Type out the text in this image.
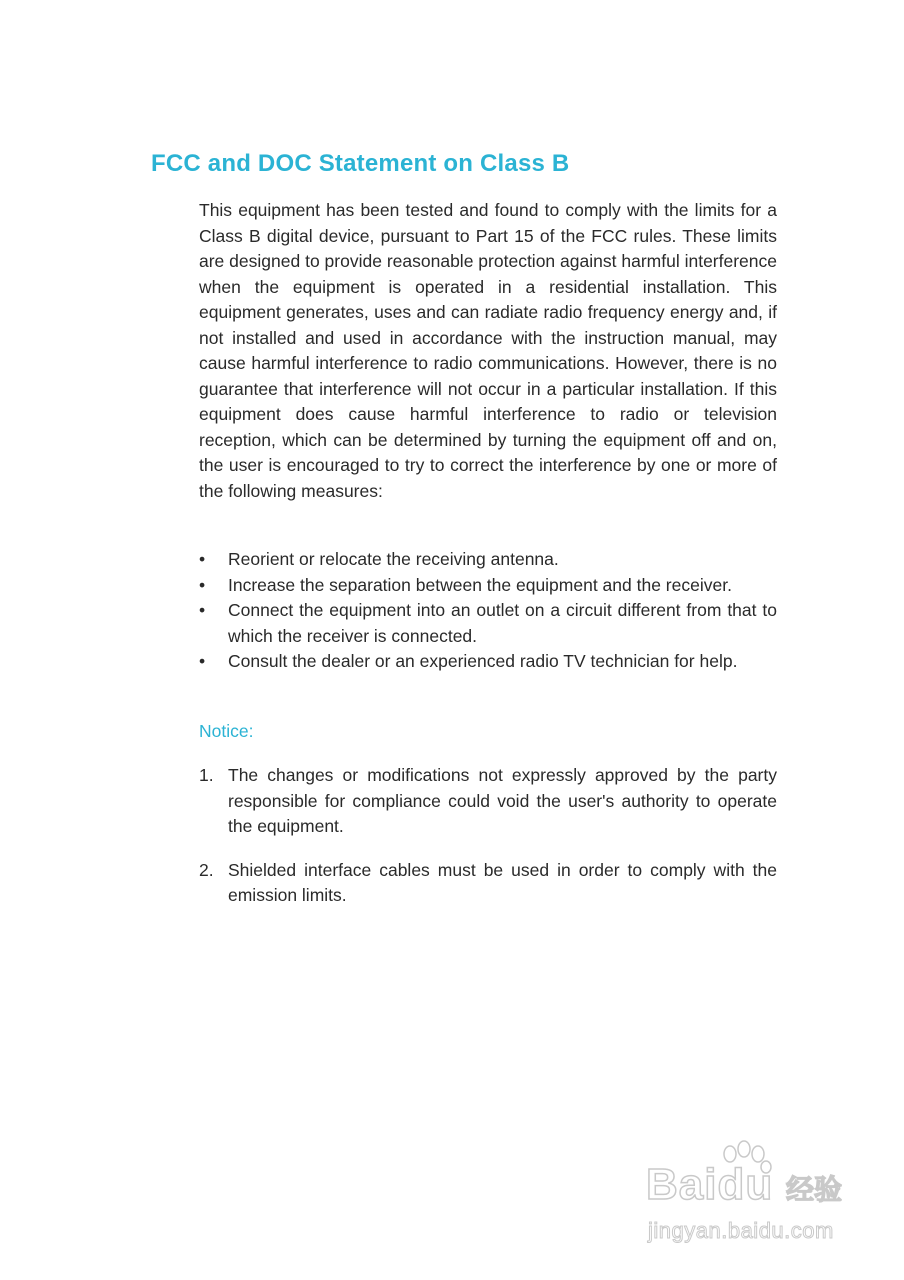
FCC and DOC Statement on Class B

This equipment has been tested and found to comply with the limits for a Class B digital device, pursuant to Part 15 of the FCC rules. These limits are designed to provide reasonable protection against harmful interference when the equipment is operated in a residential installation. This equipment generates, uses and can radiate radio frequency energy and, if not installed and used in accordance with the instruction manual, may cause harmful interference to radio communications. However, there is no guarantee that interference will not occur in a particular installation. If this equipment does cause harmful interference to radio or television reception, which can be determined by turning the equipment off and on, the user is encouraged to try to correct the interference by one or more of the following measures:

• Reorient or relocate the receiving antenna.
• Increase the separation between the equipment and the receiver.
• Connect the equipment into an outlet on a circuit different from that to which the receiver is connected.
• Consult the dealer or an experienced radio TV technician for help.

Notice:

1. The changes or modifications not expressly approved by the party responsible for compliance could void the user's authority to operate the equipment.
2. Shielded interface cables must be used in order to comply with the emission limits.
Baidu 经验
jingyan.baidu.com
